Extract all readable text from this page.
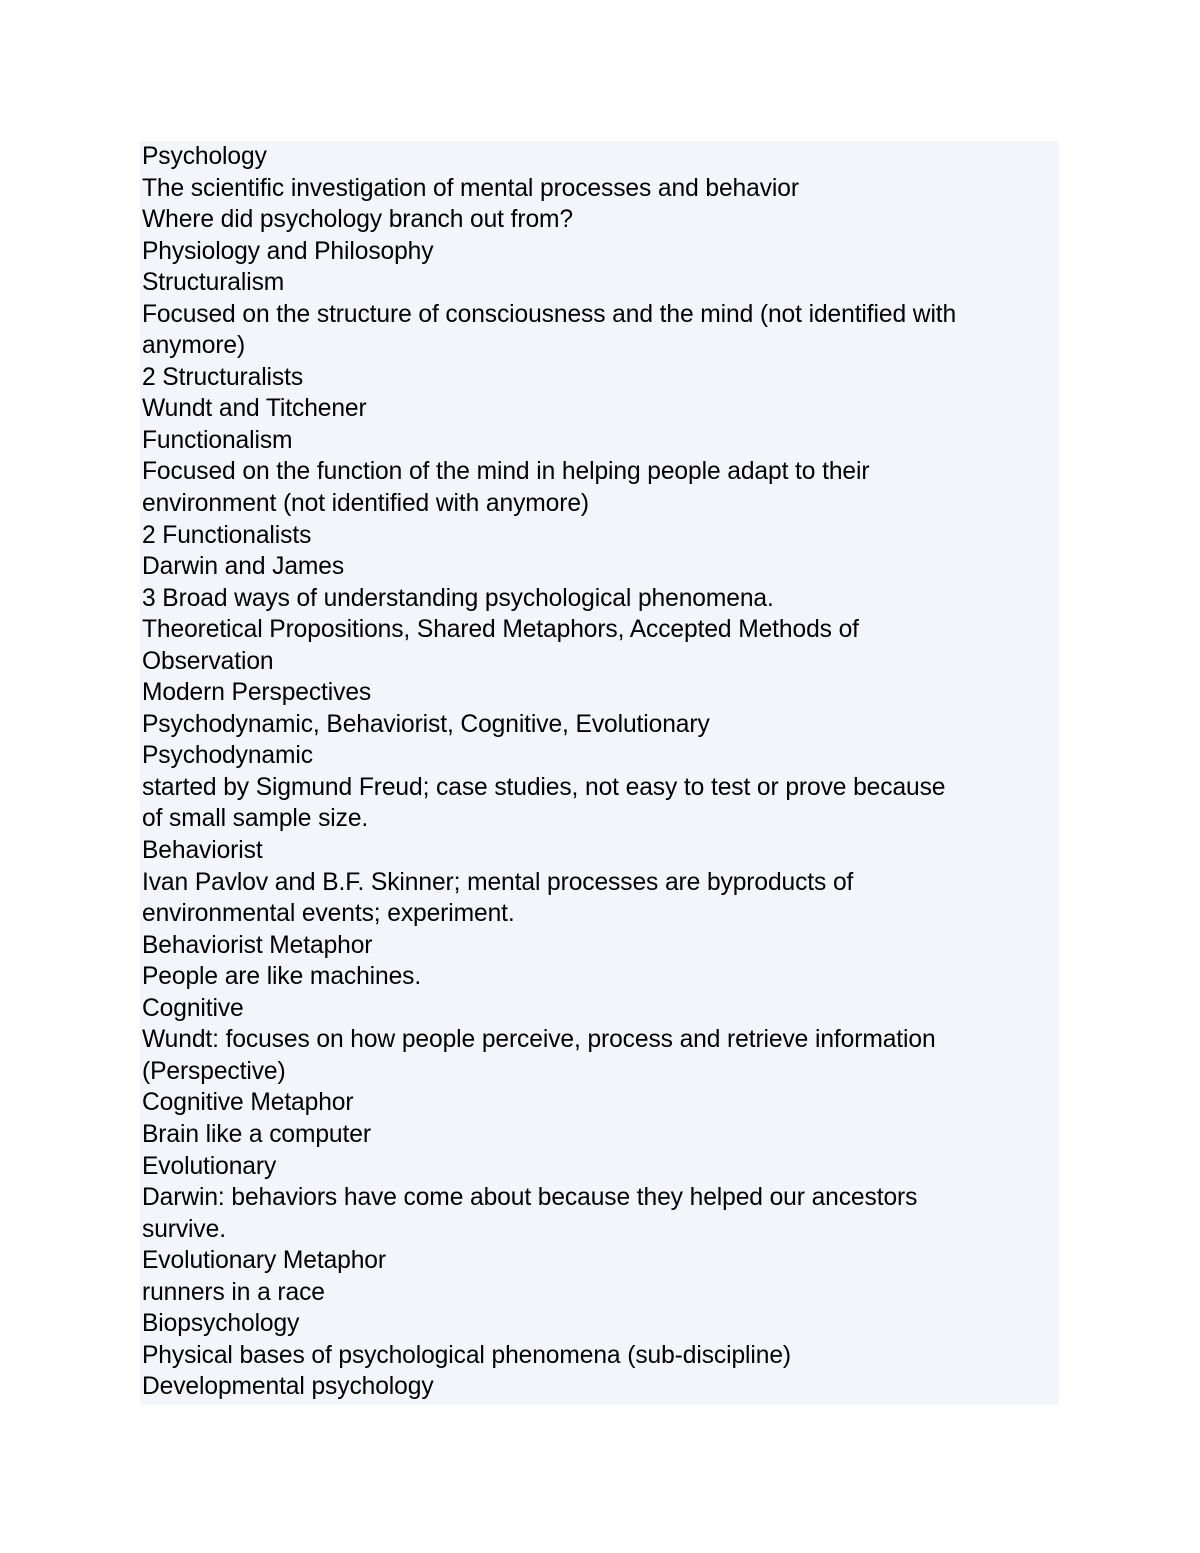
Psychology
The scientific investigation of mental processes and behavior
Where did psychology branch out from?
Physiology and Philosophy
Structuralism
Focused on the structure of consciousness and the mind (not identified with
anymore)
2 Structuralists
Wundt and Titchener
Functionalism
Focused on the function of the mind in helping people adapt to their
environment (not identified with anymore)
2 Functionalists
Darwin and James
3 Broad ways of understanding psychological phenomena.
Theoretical Propositions, Shared Metaphors, Accepted Methods of
Observation
Modern Perspectives
Psychodynamic, Behaviorist, Cognitive, Evolutionary
Psychodynamic
started by Sigmund Freud; case studies, not easy to test or prove because
of small sample size.
Behaviorist
Ivan Pavlov and B.F. Skinner; mental processes are byproducts of
environmental events; experiment.
Behaviorist Metaphor
People are like machines.
Cognitive
Wundt: focuses on how people perceive, process and retrieve information
(Perspective)
Cognitive Metaphor
Brain like a computer
Evolutionary
Darwin: behaviors have come about because they helped our ancestors
survive.
Evolutionary Metaphor
runners in a race
Biopsychology
Physical bases of psychological phenomena (sub-discipline)
Developmental psychology
